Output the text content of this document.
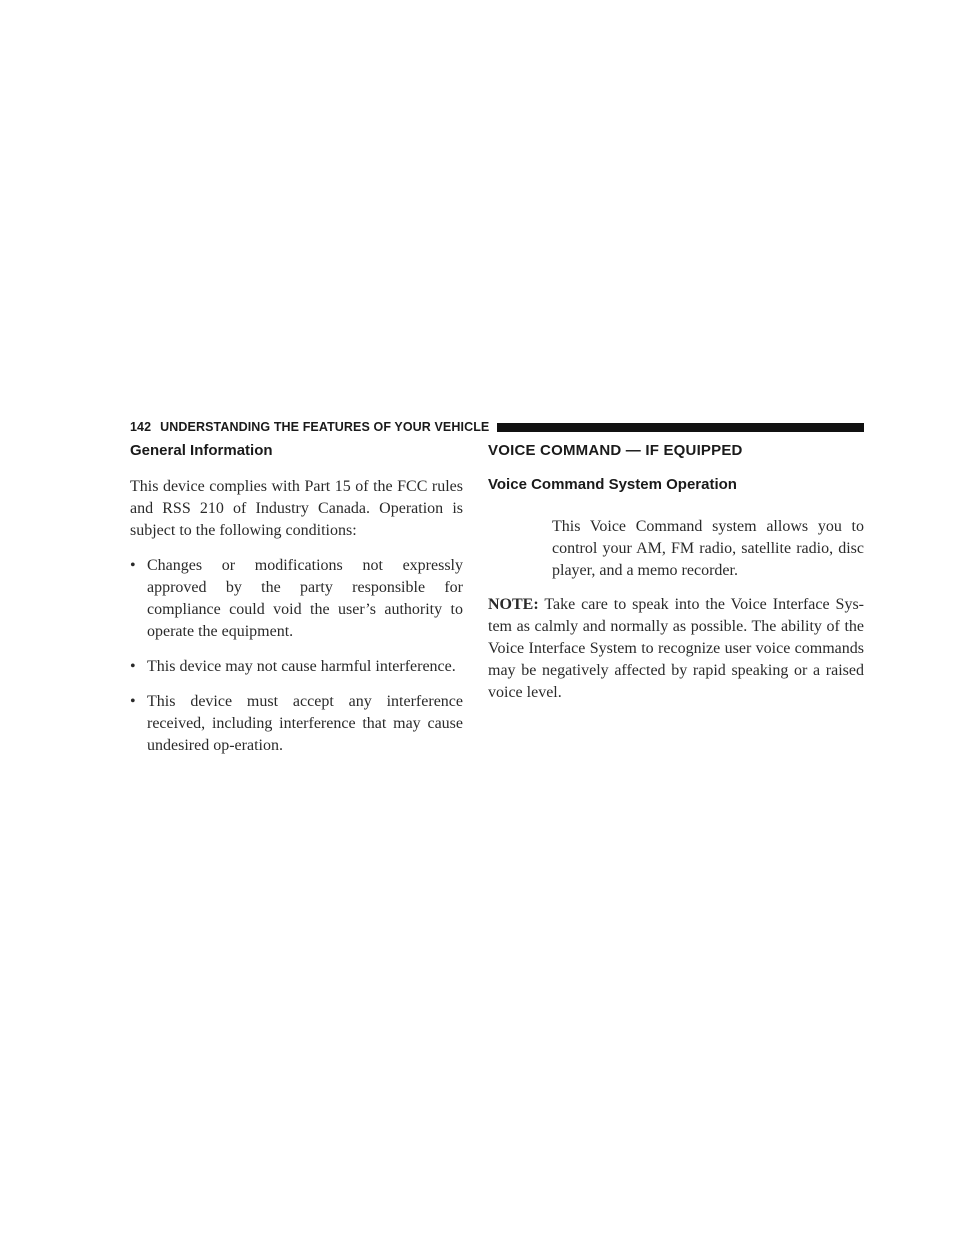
142 UNDERSTANDING THE FEATURES OF YOUR VEHICLE
General Information

This device complies with Part 15 of the FCC rules and RSS 210 of Industry Canada. Operation is subject to the following conditions:

• Changes or modifications not expressly approved by the party responsible for compliance could void the user’s authority to operate the equipment.
• This device may not cause harmful interference.
• This device must accept any interference received, including interference that may cause undesired op-eration.
VOICE COMMAND — IF EQUIPPED
Voice Command System Operation

This Voice Command system allows you to control your AM, FM radio, satellite radio, disc player, and a memo recorder.

NOTE: Take care to speak into the Voice Interface Sys-tem as calmly and normally as possible. The ability of the Voice Interface System to recognize user voice commands may be negatively affected by rapid speaking or a raised voice level.
